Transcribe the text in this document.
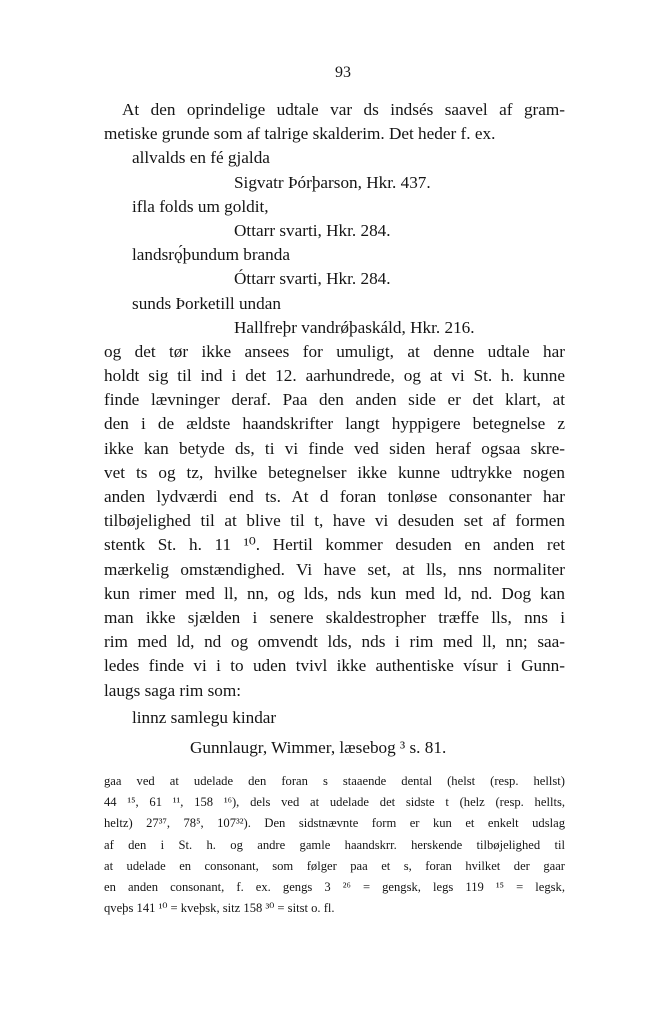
93
At den oprindelige udtale var ds indsés saavel af gram-
metiske grunde som af talrige skalderim. Det heder f. ex.
allvalds en fé gjalda
Sigvatr Þórþarson, Hkr. 437.
ifla folds um goldit,
Ottarr svarti, Hkr. 284.
landsrǫ́þundum branda
Óttarr svarti, Hkr. 284.
sunds Þorketill undan
Hallfreþr vandrǿþaskáld, Hkr. 216.
og det tør ikke ansees for umuligt, at denne udtale har
holdt sig til ind i det 12. aarhundrede, og at vi St. h. kunne
finde lævninger deraf. Paa den anden side er det klart, at
den i de ældste haandskrifter langt hyppigere betegnelse z
ikke kan betyde ds, ti vi finde ved siden heraf ogsaa skre-
vet ts og tz, hvilke betegnelser ikke kunne udtrykke nogen
anden lydværdi end ts. At d foran tonløse consonanter har
tilbøjelighed til at blive til t, have vi desuden set af formen
stentk St. h. 11 ¹⁰. Hertil kommer desuden en anden ret
mærkelig omstændighed. Vi have set, at lls, nns normaliter
kun rimer med ll, nn, og lds, nds kun med ld, nd. Dog kan
man ikke sjælden i senere skaldestropher træffe lls, nns i
rim med ld, nd og omvendt lds, nds i rim med ll, nn; saa-
ledes finde vi i to uden tvivl ikke authentiske vísur i Gunn-
laugs saga rim som:
linnz samlegu kindar
Gunnlaugr, Wimmer, læsebog ³ s. 81.
gaa ved at udelade den foran s staaende dental (helst (resp. hellst)
44 ¹⁵, 61 ¹¹, 158 ¹⁶), dels ved at udelade det sidste t (helz (resp. hellts,
heltz) 27³⁷, 78⁵, 107³²). Den sidstnævnte form er kun et enkelt udslag
af den i St. h. og andre gamle haandskrr. herskende tilbøjelighed til
at udelade en consonant, som følger paa et s, foran hvilket der gaar
en anden consonant, f. ex. gengs 3 ²⁶ = gengsk, legs 119 ¹⁵ = legsk,
qveþs 141 ¹⁰ = kveþsk, sitz 158 ³⁰ = sitst o. fl.
